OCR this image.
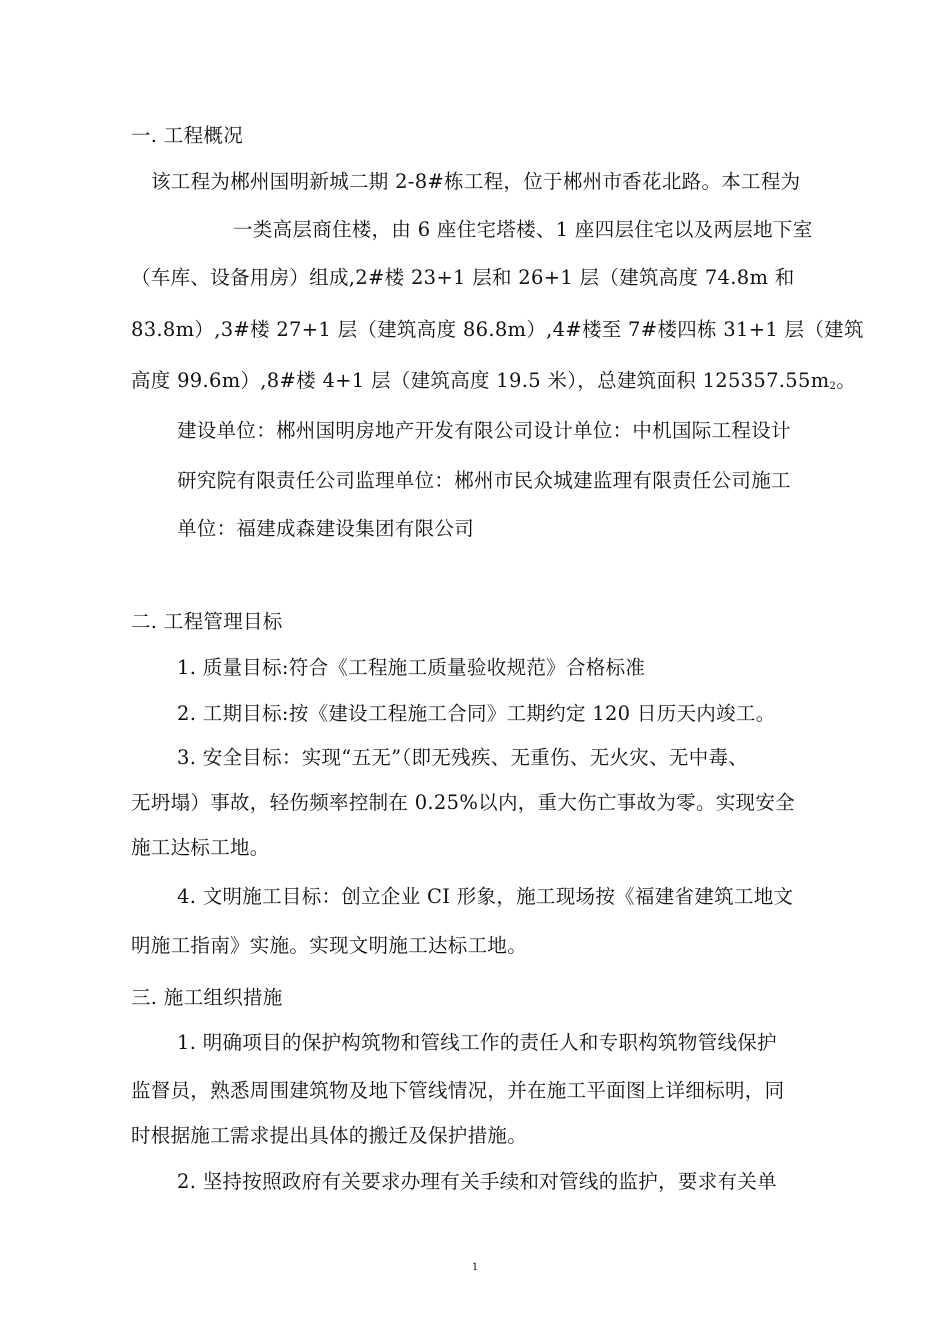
一. 工程概况
该工程为郴州国明新城二期 2-8#栋工程，位于郴州市香花北路。本工程为
一类高层商住楼，由 6 座住宅塔楼、1 座四层住宅以及两层地下室
（车库、设备用房）组成,2#楼 23+1 层和 26+1 层（建筑高度 74.8m 和
83.8m）,3#楼 27+1 层（建筑高度 86.8m）,4#楼至 7#楼四栋 31+1 层（建筑
高度 99.6m）,8#楼 4+1 层（建筑高度 19.5 米），总建筑面积 $125357.55m_2$。
建设单位：郴州国明房地产开发有限公司设计单位：中机国际工程设计
研究院有限责任公司监理单位：郴州市民众城建监理有限责任公司施工
单位：福建成森建设集团有限公司
二. 工程管理目标
1. 质量目标:符合《工程施工质量验收规范》合格标准
2. 工期目标:按《建设工程施工合同》工期约定 120 日历天内竣工。
3. 安全目标：实现“五无”（即无残疾、无重伤、无火灾、无中毒、
无坍塌）事故，轻伤频率控制在 0.25%以内，重大伤亡事故为零。实现安全
施工达标工地。
4. 文明施工目标：创立企业 CI 形象，施工现场按《福建省建筑工地文
明施工指南》实施。实现文明施工达标工地。
三. 施工组织措施
1. 明确项目的保护构筑物和管线工作的责任人和专职构筑物管线保护
监督员，熟悉周围建筑物及地下管线情况，并在施工平面图上详细标明，同
时根据施工需求提出具体的搬迁及保护措施。
2. 坚持按照政府有关要求办理有关手续和对管线的监护，要求有关单
1
